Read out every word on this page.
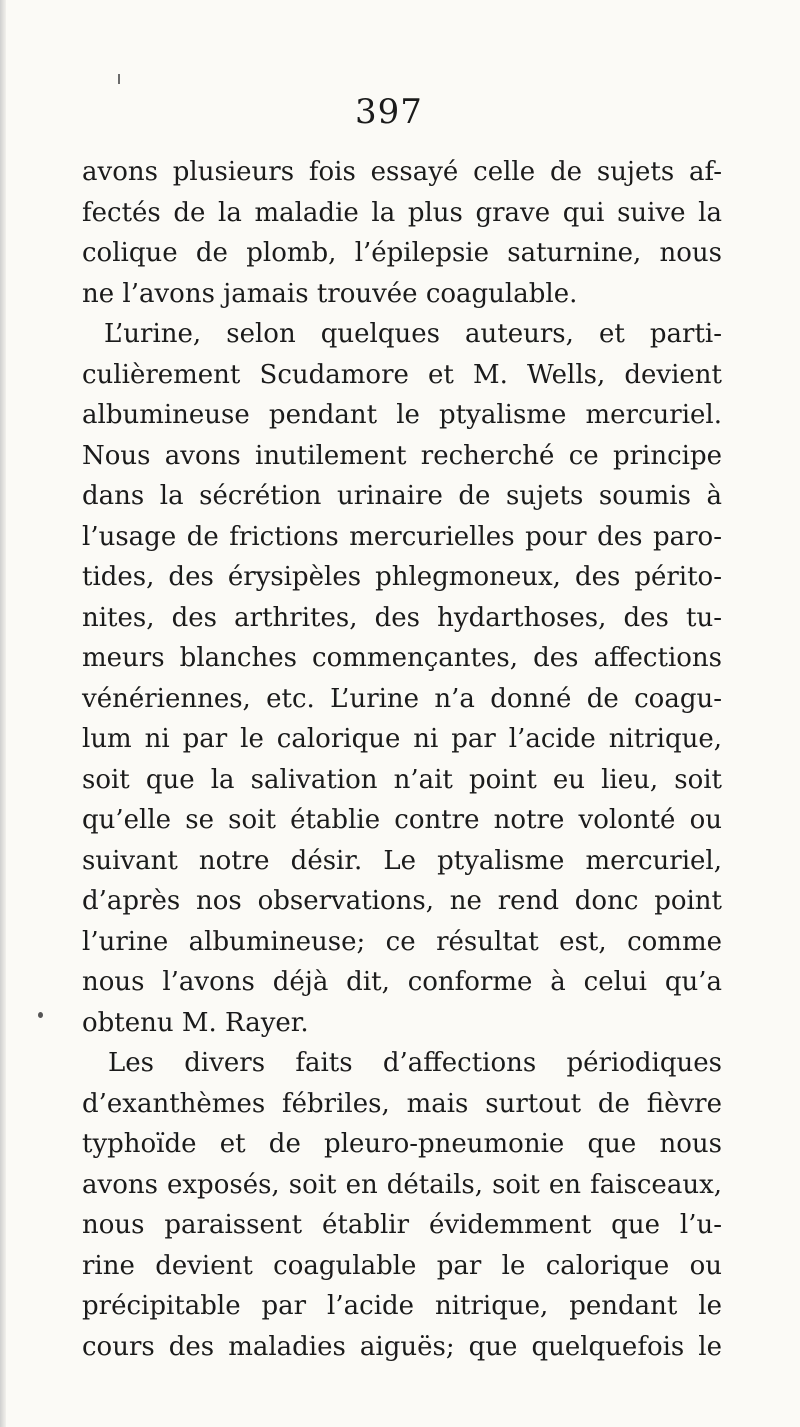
397
avons plusieurs fois essayé celle de sujets af-
fectés de la maladie la plus grave qui suive la
colique de plomb, l’épilepsie saturnine, nous
ne l’avons jamais trouvée coagulable.
L’urine, selon quelques auteurs, et parti-
culièrement Scudamore et M. Wells, devient
albumineuse pendant le ptyalisme mercuriel.
Nous avons inutilement recherché ce principe
dans la sécrétion urinaire de sujets soumis à
l’usage de frictions mercurielles pour des paro-
tides, des érysipèles phlegmoneux, des périto-
nites, des arthrites, des hydarthoses, des tu-
meurs blanches commençantes, des affections
vénériennes, etc. L’urine n’a donné de coagu-
lum ni par le calorique ni par l’acide nitrique,
soit que la salivation n’ait point eu lieu, soit
qu’elle se soit établie contre notre volonté ou
suivant notre désir. Le ptyalisme mercuriel,
d’après nos observations, ne rend donc point
l’urine albumineuse; ce résultat est, comme
nous l’avons déjà dit, conforme à celui qu’a
obtenu M. Rayer.
Les divers faits d’affections périodiques
d’exanthèmes fébriles, mais surtout de fièvre
typhoïde et de pleuro-pneumonie que nous
avons exposés, soit en détails, soit en faisceaux,
nous paraissent établir évidemment que l’u-
rine devient coagulable par le calorique ou
précipitable par l’acide nitrique, pendant le
cours des maladies aiguës; que quelquefois le
